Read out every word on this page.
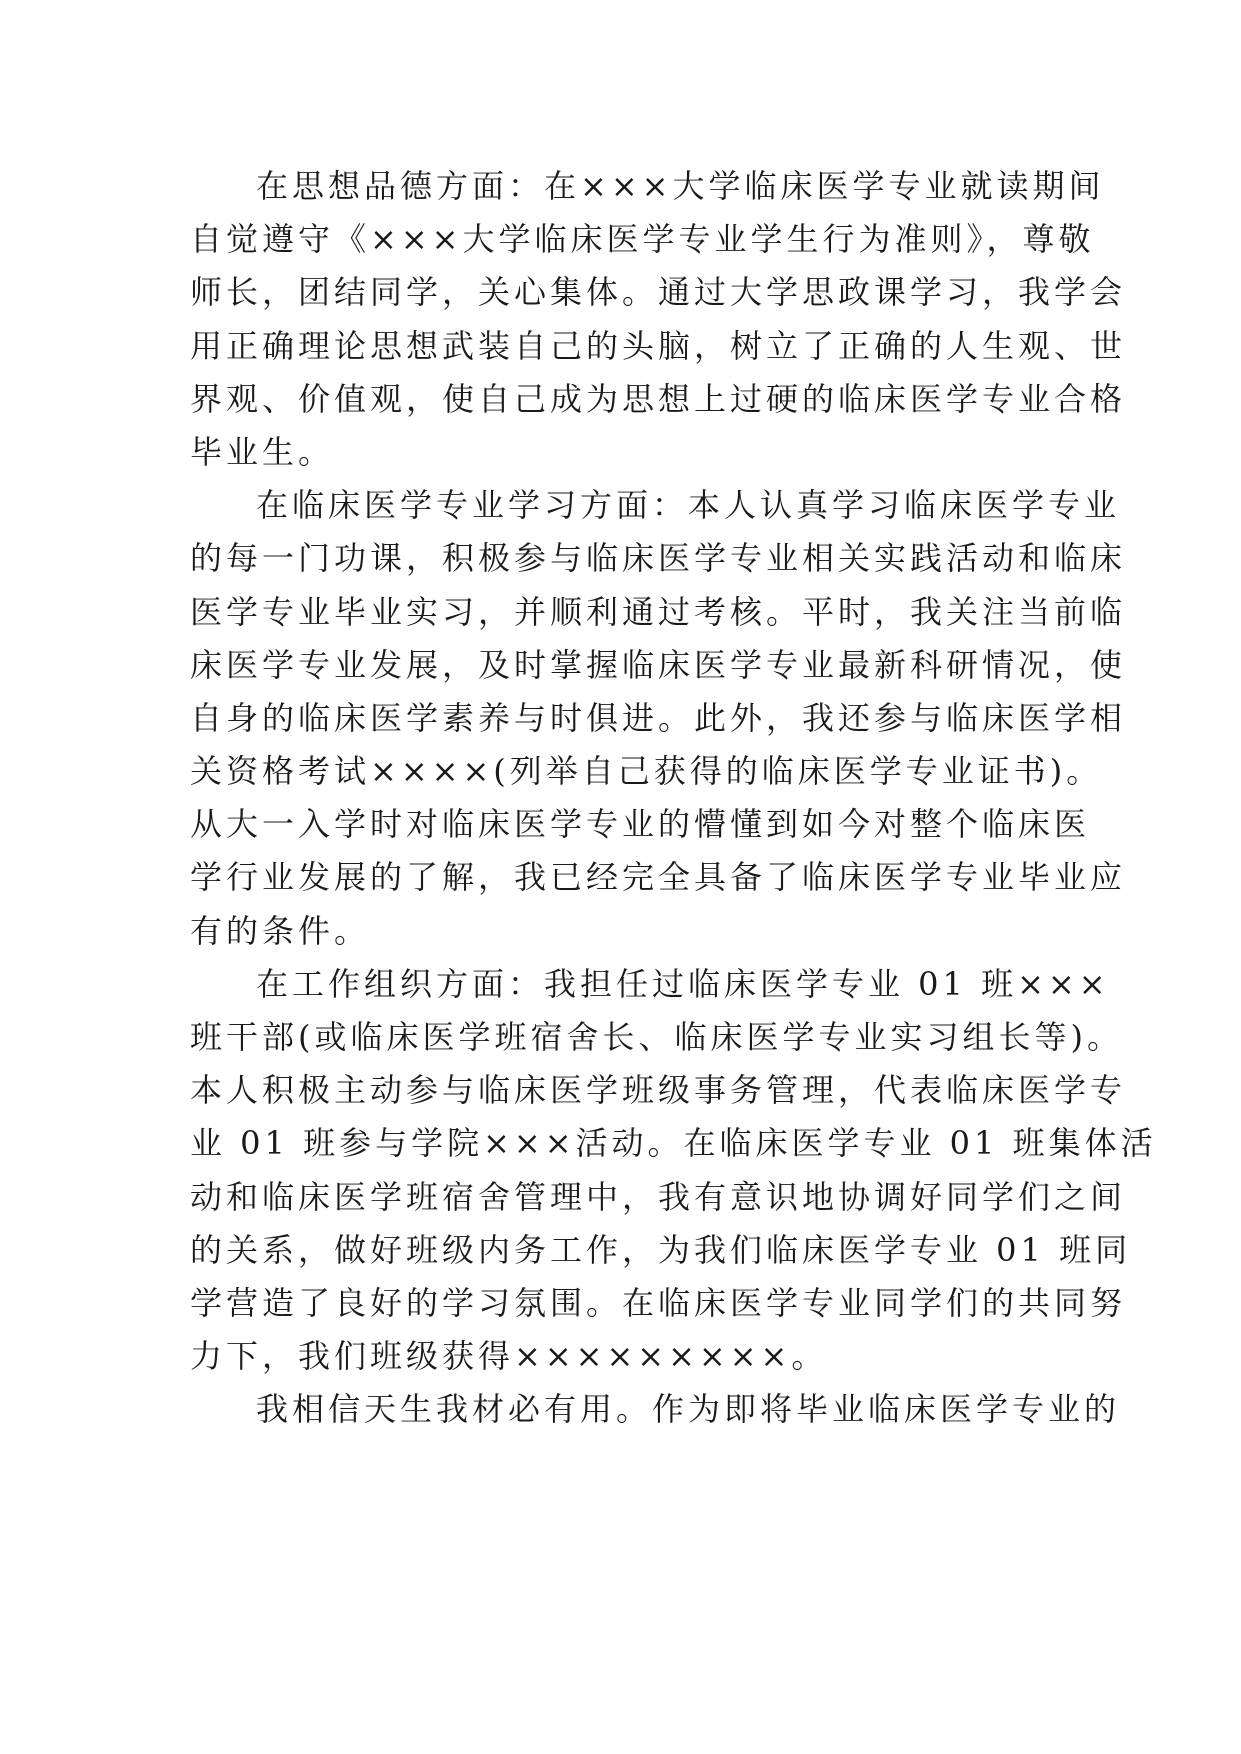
在思想品德方面：在×××大学临床医学专业就读期间
自觉遵守《×××大学临床医学专业学生行为准则》，尊敬
师长，团结同学，关心集体。通过大学思政课学习，我学会
用正确理论思想武装自己的头脑，树立了正确的人生观、世
界观、价值观，使自己成为思想上过硬的临床医学专业合格
毕业生。
在临床医学专业学习方面：本人认真学习临床医学专业
的每一门功课，积极参与临床医学专业相关实践活动和临床
医学专业毕业实习，并顺利通过考核。平时，我关注当前临
床医学专业发展，及时掌握临床医学专业最新科研情况，使
自身的临床医学素养与时俱进。此外，我还参与临床医学相
关资格考试××××(列举自己获得的临床医学专业证书)。
从大一入学时对临床医学专业的懵懂到如今对整个临床医
学行业发展的了解，我已经完全具备了临床医学专业毕业应
有的条件。
在工作组织方面：我担任过临床医学专业 01 班×××
班干部(或临床医学班宿舍长、临床医学专业实习组长等)。
本人积极主动参与临床医学班级事务管理，代表临床医学专
业 01 班参与学院×××活动。在临床医学专业 01 班集体活
动和临床医学班宿舍管理中，我有意识地协调好同学们之间
的关系，做好班级内务工作，为我们临床医学专业 01 班同
学营造了良好的学习氛围。在临床医学专业同学们的共同努
力下，我们班级获得×××××××××。
我相信天生我材必有用。作为即将毕业临床医学专业的
